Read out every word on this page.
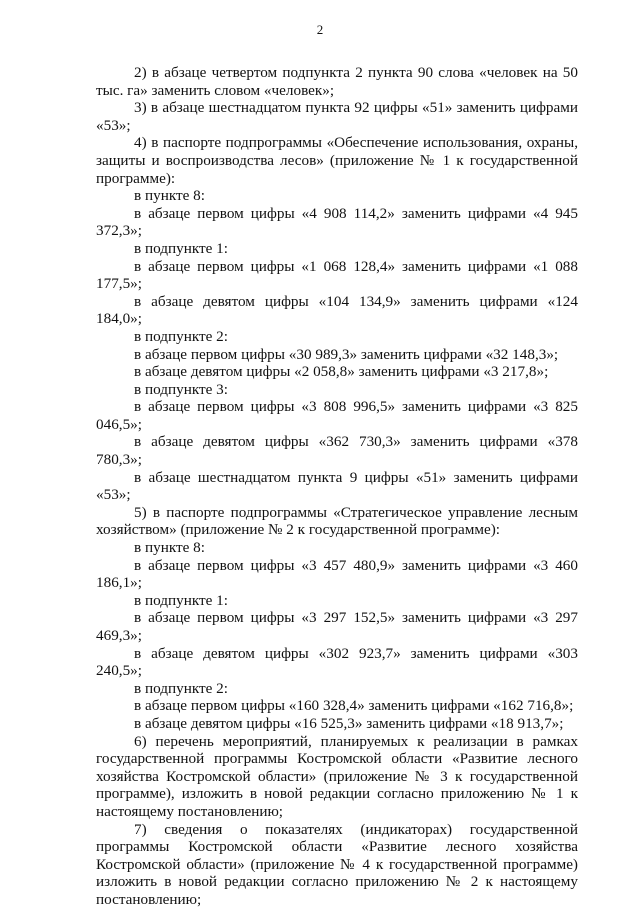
2

2) в абзаце четвертом подпункта 2 пункта 90 слова «человек на 50 тыс. га» заменить словом «человек»;

3) в абзаце шестнадцатом пункта 92 цифры «51» заменить цифрами «53»;

4) в паспорте подпрограммы «Обеспечение использования, охраны, защиты и воспроизводства лесов» (приложение № 1 к государственной программе):

в пункте 8:

в абзаце первом цифры «4 908 114,2» заменить цифрами «4 945 372,3»;

в подпункте 1:

в абзаце первом цифры «1 068 128,4» заменить цифрами «1 088 177,5»;

в абзаце девятом цифры «104 134,9» заменить цифрами «124 184,0»;

в подпункте 2:

в абзаце первом цифры «30 989,3» заменить цифрами «32 148,3»;

в абзаце девятом цифры «2 058,8» заменить цифрами «3 217,8»;

в подпункте 3:

в абзаце первом цифры «3 808 996,5» заменить цифрами «3 825 046,5»;

в абзаце девятом цифры «362 730,3» заменить цифрами «378 780,3»;

в абзаце шестнадцатом пункта 9 цифры «51» заменить цифрами «53»;

5) в паспорте подпрограммы «Стратегическое управление лесным хозяйством» (приложение № 2 к государственной программе):

в пункте 8:

в абзаце первом цифры «3 457 480,9» заменить цифрами «3 460 186,1»;

в подпункте 1:

в абзаце первом цифры «3 297 152,5» заменить цифрами «3 297 469,3»;

в абзаце девятом цифры «302 923,7» заменить цифрами «303 240,5»;

в подпункте 2:

в абзаце первом цифры «160 328,4» заменить цифрами «162 716,8»;

в абзаце девятом цифры «16 525,3» заменить цифрами «18 913,7»;

6) перечень мероприятий, планируемых к реализации в рамках государственной программы Костромской области «Развитие лесного хозяйства Костромской области» (приложение № 3 к государственной программе), изложить в новой редакции согласно приложению № 1 к настоящему постановлению;

7) сведения о показателях (индикаторах) государственной программы Костромской области «Развитие лесного хозяйства Костромской области» (приложение № 4 к государственной программе) изложить в новой редакции согласно приложению № 2 к настоящему постановлению;
